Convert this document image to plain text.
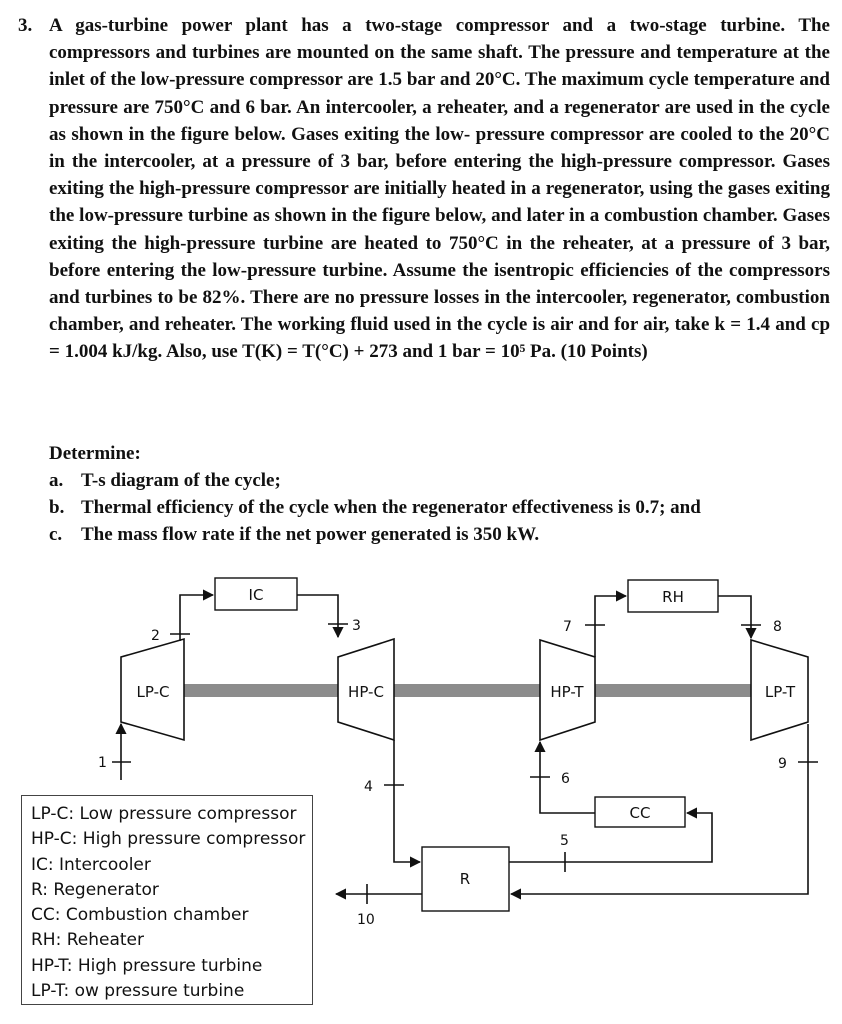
3. A gas-turbine power plant has a two-stage compressor and a two-stage turbine. The compressors and turbines are mounted on the same shaft. The pressure and temperature at the inlet of the low-pressure compressor are 1.5 bar and 20°C. The maximum cycle temperature and pressure are 750°C and 6 bar. An intercooler, a reheater, and a regenerator are used in the cycle as shown in the figure below. Gases exiting the low- pressure compressor are cooled to the 20°C in the intercooler, at a pressure of 3 bar, before entering the high-pressure compressor. Gases exiting the high-pressure compressor are initially heated in a regenerator, using the gases exiting the low-pressure turbine as shown in the figure below, and later in a combustion chamber. Gases exiting the high-pressure turbine are heated to 750°C in the reheater, at a pressure of 3 bar, before entering the low-pressure turbine. Assume the isentropic efficiencies of the compressors and turbines to be 82%. There are no pressure losses in the intercooler, regenerator, combustion chamber, and reheater. The working fluid used in the cycle is air and for air, take k = 1.4 and cp = 1.004 kJ/kg. Also, use T(K) = T(°C) + 273 and 1 bar = 10⁵ Pa. (10 Points)
Determine:
a. T-s diagram of the cycle;
b. Thermal efficiency of the cycle when the regenerator effectiveness is 0.7; and
c. The mass flow rate if the net power generated is 350 kW.
LP-C	HP-C	HP-T	LP-T
IC	RH
CC
R
1
2
3
4
5
6
7	8
9
10
LP-C: Low pressure compressor
HP-C: High pressure compressor
IC: Intercooler
R: Regenerator
CC: Combustion chamber
RH: Reheater
HP-T: High pressure turbine
LP-T: ow pressure turbine
